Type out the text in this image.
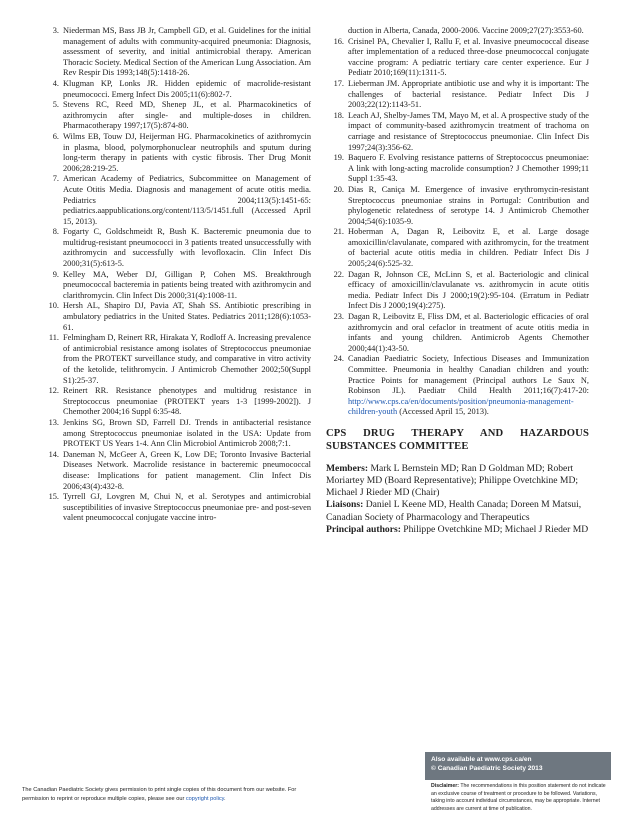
3. Niederman MS, Bass JB Jr, Campbell GD, et al. Guidelines for the initial management of adults with community-acquired pneumonia: Diagnosis, assessment of severity, and initial antimicrobial therapy. American Thoracic Society. Medical Section of the American Lung Association. Am Rev Respir Dis 1993;148(5):1418-26.
4. Klugman KP, Lonks JR. Hidden epidemic of macrolide-resistant pneumococci. Emerg Infect Dis 2005;11(6):802-7.
5. Stevens RC, Reed MD, Shenep JL, et al. Pharmacokinetics of azithromycin after single- and multiple-doses in children. Pharmacotherapy 1997;17(5):874-80.
6. Wilms EB, Touw DJ, Heijerman HG. Pharmacokinetics of azithromycin in plasma, blood, polymorphonuclear neutrophils and sputum during long-term therapy in patients with cystic fibrosis. Ther Drug Monit 2006;28:219-25.
7. American Academy of Pediatrics, Subcommittee on Management of Acute Otitis Media. Diagnosis and management of acute otitis media. Pediatrics 2004;113(5):1451-65: pediatrics.aappublications.org/content/113/5/1451.full (Accessed April 15, 2013).
8. Fogarty C, Goldschmeidt R, Bush K. Bacteremic pneumonia due to multidrug-resistant pneumococci in 3 patients treated unsuccessfully with azithromycin and successfully with levofloxacin. Clin Infect Dis 2000;31(5):613-5.
9. Kelley MA, Weber DJ, Gilligan P, Cohen MS. Breakthrough pneumococcal bacteremia in patients being treated with azithromycin and clarithromycin. Clin Infect Dis 2000;31(4):1008-11.
10. Hersh AL, Shapiro DJ, Pavia AT, Shah SS. Antibiotic prescribing in ambulatory pediatrics in the United States. Pediatrics 2011;128(6):1053-61.
11. Felmingham D, Reinert RR, Hirakata Y, Rodloff A. Increasing prevalence of antimicrobial resistance among isolates of Streptococcus pneumoniae from the PROTEKT surveillance study, and comparative in vitro activity of the ketolide, telithromycin. J Antimicrob Chemother 2002;50(Suppl S1):25-37.
12. Reinert RR. Resistance phenotypes and multidrug resistance in Streptococcus pneumoniae (PROTEKT years 1-3 [1999-2002]). J Chemother 2004;16 Suppl 6:35-48.
13. Jenkins SG, Brown SD, Farrell DJ. Trends in antibacterial resistance among Streptococcus pneumoniae isolated in the USA: Update from PROTEKT US Years 1-4. Ann Clin Microbiol Antimicrob 2008;7:1.
14. Daneman N, McGeer A, Green K, Low DE; Toronto Invasive Bacterial Diseases Network. Macrolide resistance in bacteremic pneumococcal disease: Implications for patient management. Clin Infect Dis 2006;43(4):432-8.
15. Tyrrell GJ, Lovgren M, Chui N, et al. Serotypes and antimicrobial susceptibilities of invasive Streptococcus pneumoniae pre- and post-seven valent pneumococcal conjugate vaccine intro-
duction in Alberta, Canada, 2000-2006. Vaccine 2009;27(27):3553-60.
16. Crisinel PA, Chevalier I, Rallu F, et al. Invasive pneumococcal disease after implementation of a reduced three-dose pneumococcal conjugate vaccine program: A pediatric tertiary care center experience. Eur J Pediatr 2010;169(11):1311-5.
17. Lieberman JM. Appropriate antibiotic use and why it is important: The challenges of bacterial resistance. Pediatr Infect Dis J 2003;22(12):1143-51.
18. Leach AJ, Shelby-James TM, Mayo M, et al. A prospective study of the impact of community-based azithromycin treatment of trachoma on carriage and resistance of Streptococcus pneumoniae. Clin Infect Dis 1997;24(3):356-62.
19. Baquero F. Evolving resistance patterns of Streptococcus pneumoniae: A link with long-acting macrolide consumption? J Chemother 1999;11 Suppl 1:35-43.
20. Dias R, Caniça M. Emergence of invasive erythromycin-resistant Streptococcus pneumoniae strains in Portugal: Contribution and phylogenetic relatedness of serotype 14. J Antimicrob Chemother 2004;54(6):1035-9.
21. Hoberman A, Dagan R, Leibovitz E, et al. Large dosage amoxicillin/clavulanate, compared with azithromycin, for the treatment of bacterial acute otitis media in children. Pediatr Infect Dis J 2005;24(6):525-32.
22. Dagan R, Johnson CE, McLinn S, et al. Bacteriologic and clinical efficacy of amoxicillin/clavulanate vs. azithromycin in acute otitis media. Pediatr Infect Dis J 2000;19(2):95-104. (Erratum in Pediatr Infect Dis J 2000;19(4):275).
23. Dagan R, Leibovitz E, Fliss DM, et al. Bacteriologic efficacies of oral azithromycin and oral cefaclor in treatment of acute otitis media in infants and young children. Antimicrob Agents Chemother 2000;44(1):43-50.
24. Canadian Paediatric Society, Infectious Diseases and Immunization Committee. Pneumonia in healthy Canadian children and youth: Practice Points for management (Principal authors Le Saux N, Robinson JL). Paediatr Child Health 2011;16(7):417-20: http://www.cps.ca/en/documents/position/pneumonia-management-children-youth (Accessed April 15, 2013).
CPS DRUG THERAPY AND HAZARDOUS SUBSTANCES COMMITTEE

Members: Mark L Bernstein MD; Ran D Goldman MD; Robert Moriartey MD (Board Representative); Philippe Ovetchkine MD; Michael J Rieder MD (Chair)

Liaisons: Daniel L Keene MD, Health Canada; Doreen M Matsui, Canadian Society of Pharmacology and Therapeutics

Principal authors: Philippe Ovetchkine MD; Michael J Rieder MD

The Canadian Paediatric Society gives permission to print single copies of this document from our website. For permission to reprint or reproduce multiple copies, please see our copyright policy.
Also available at www.cps.ca/en
© Canadian Paediatric Society 2013
Disclaimer: The recommendations in this position statement do not indicate an exclusive course of treatment or procedure to be followed. Variations, taking into account individual circumstances, may be appropriate. Internet addresses are current at time of publication.
